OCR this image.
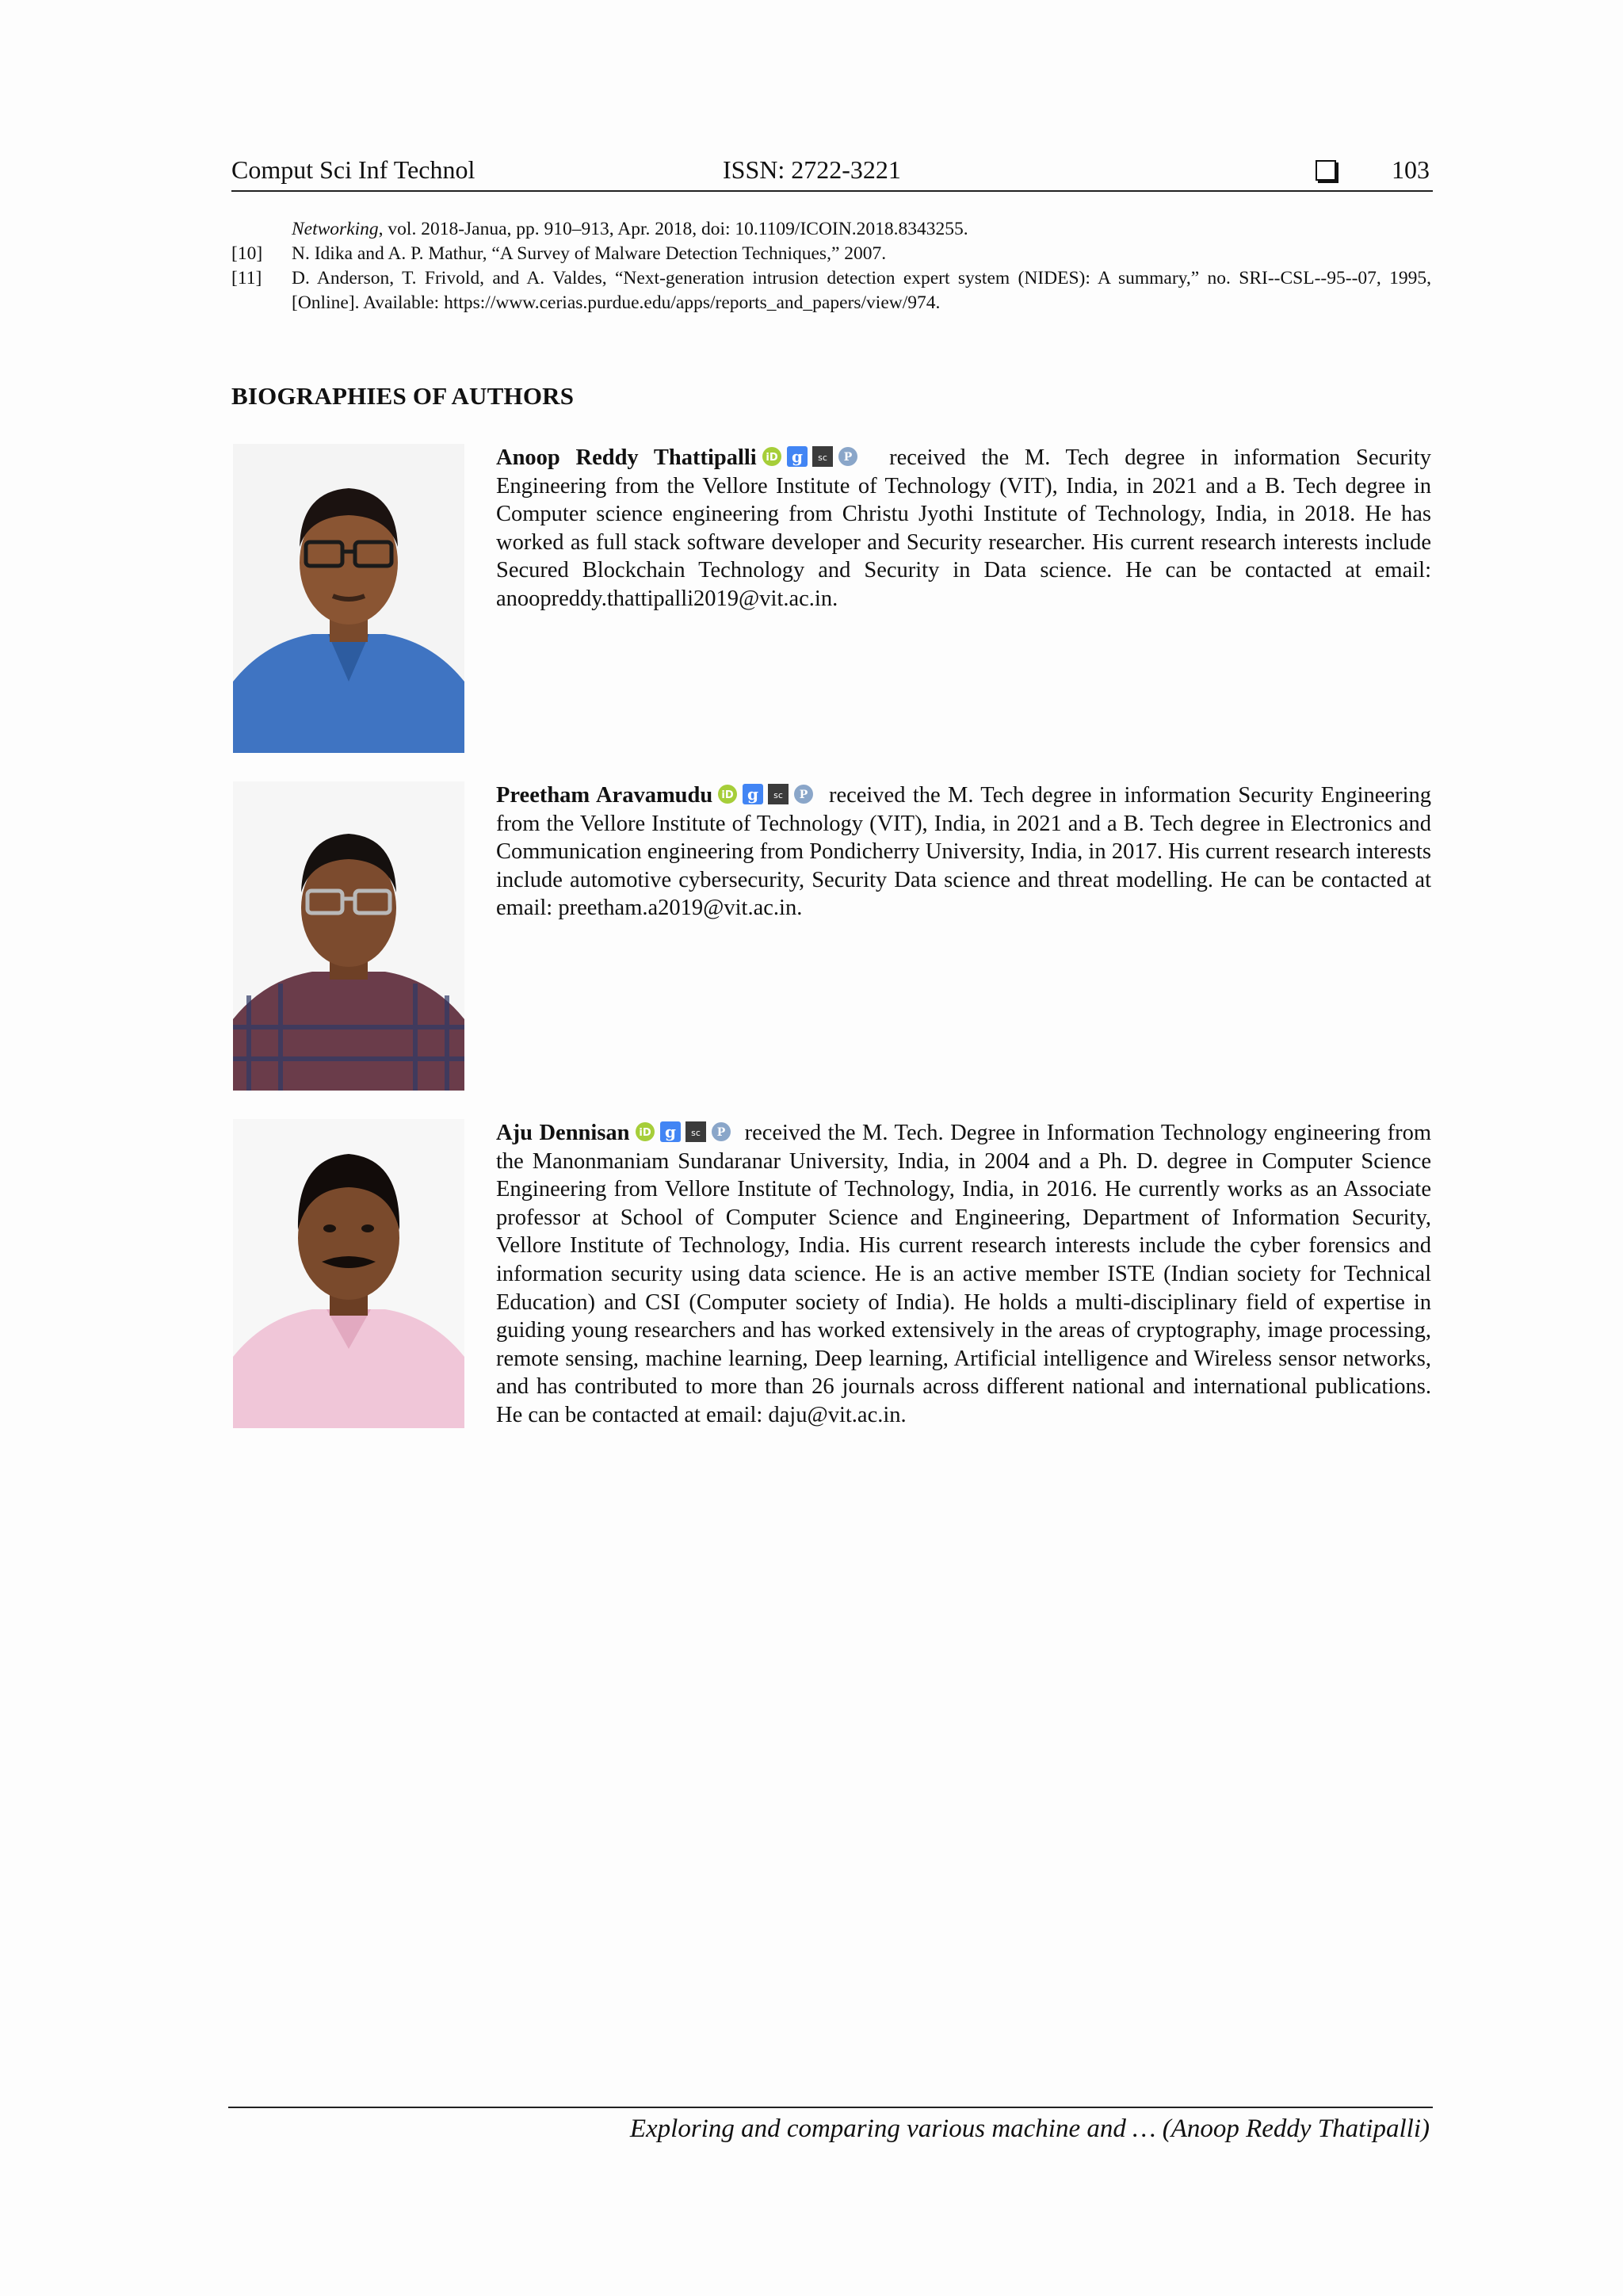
Comput Sci Inf Technol	ISSN: 2722-3221	103
Networking, vol. 2018-Janua, pp. 910–913, Apr. 2018, doi: 10.1109/ICOIN.2018.8343255.
[10] N. Idika and A. P. Mathur, “A Survey of Malware Detection Techniques,” 2007.
[11] D. Anderson, T. Frivold, and A. Valdes, “Next-generation intrusion detection expert system (NIDES): A summary,” no. SRI--CSL--95--07, 1995, [Online]. Available: https://www.cerias.purdue.edu/apps/reports_and_papers/view/974.
BIOGRAPHIES OF AUTHORS
Anoop Reddy Thattipalli iD g sc P received the M. Tech degree in information Security Engineering from the Vellore Institute of Technology (VIT), India, in 2021 and a B. Tech degree in Computer science engineering from Christu Jyothi Institute of Technology, India, in 2018. He has worked as full stack software developer and Security researcher. His current research interests include Secured Blockchain Technology and Security in Data science. He can be contacted at email: anoopreddy.thattipalli2019@vit.ac.in.
Preetham Aravamudu iD g sc P received the M. Tech degree in information Security Engineering from the Vellore Institute of Technology (VIT), India, in 2021 and a B. Tech degree in Electronics and Communication engineering from Pondicherry University, India, in 2017. His current research interests include automotive cybersecurity, Security Data science and threat modelling. He can be contacted at email: preetham.a2019@vit.ac.in.
Aju Dennisan iD g sc P received the M. Tech. Degree in Information Technology engineering from the Manonmaniam Sundaranar University, India, in 2004 and a Ph. D. degree in Computer Science Engineering from Vellore Institute of Technology, India, in 2016. He currently works as an Associate professor at School of Computer Science and Engineering, Department of Information Security, Vellore Institute of Technology, India. His current research interests include the cyber forensics and information security using data science. He is an active member ISTE (Indian society for Technical Education) and CSI (Computer society of India). He holds a multi-disciplinary field of expertise in guiding young researchers and has worked extensively in the areas of cryptography, image processing, remote sensing, machine learning, Deep learning, Artificial intelligence and Wireless sensor networks, and has contributed to more than 26 journals across different national and international publications. He can be contacted at email: daju@vit.ac.in.
Exploring and comparing various machine and … (Anoop Reddy Thatipalli)
